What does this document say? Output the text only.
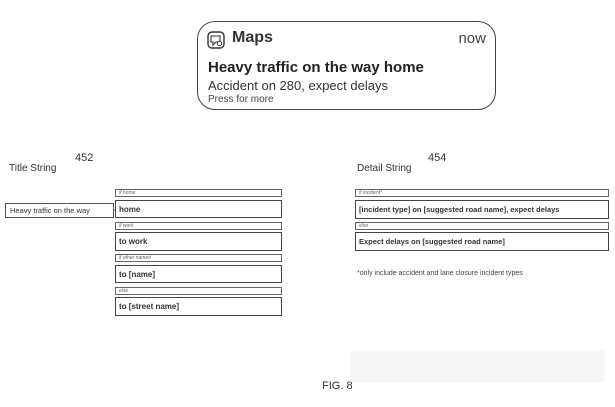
Maps	now
Heavy traffic on the way home
Accident on 280, expect delays
Press for more
Title String
452
Heavy traffic on the way
if home
home
if work
to work
if other named
to [name]
else
to [street name]
Detail String
454
if incident*
[incident type] on [suggested road name], expect delays
else
Expect delays on [suggested road name]
*only include accident and lane closure incident types
FIG. 8
